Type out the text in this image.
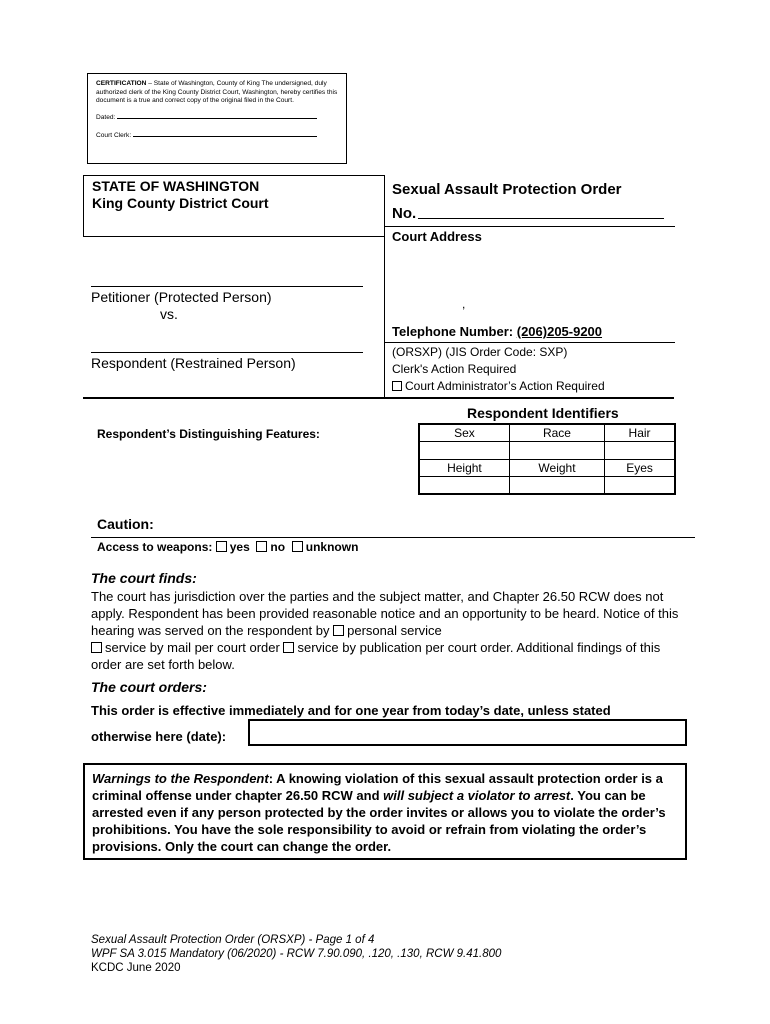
CERTIFICATION – State of Washington, County of King The undersigned, duly authorized clerk of the King County District Court, Washington, hereby certifies this document is a true and correct copy of the original filed in the Court.
Dated:
Court Clerk:
STATE OF WASHINGTON
King County District Court
Petitioner (Protected Person)
vs.
Respondent (Restrained Person)
Sexual Assault Protection Order
No.
Court Address
,
Telephone Number: (206)205-9200
(ORSXP) (JIS Order Code: SXP)
Clerk's Action Required
Court Administrator’s Action Required
Respondent’s Distinguishing Features:
Respondent Identifiers
Sex	Race	Hair

Height	Weight	Eyes

Caution:
Access to weapons: yes no unknown
The court finds:
The court has jurisdiction over the parties and the subject matter, and Chapter 26.50 RCW does not apply. Respondent has been provided reasonable notice and an opportunity to be heard. Notice of this hearing was served on the respondent by personal service
service by mail per court order service by publication per court order. Additional findings of this order are set forth below.
The court orders:
This order is effective immediately and for one year from today’s date, unless stated
otherwise here (date):
Warnings to the Respondent: A knowing violation of this sexual assault protection order is a criminal offense under chapter 26.50 RCW and will subject a violator to arrest. You can be arrested even if any person protected by the order invites or allows you to violate the order’s prohibitions. You have the sole responsibility to avoid or refrain from violating the order’s provisions. Only the court can change the order.
Sexual Assault Protection Order (ORSXP) - Page 1 of 4
WPF SA 3.015 Mandatory (06/2020) - RCW 7.90.090, .120, .130, RCW 9.41.800
KCDC June 2020
